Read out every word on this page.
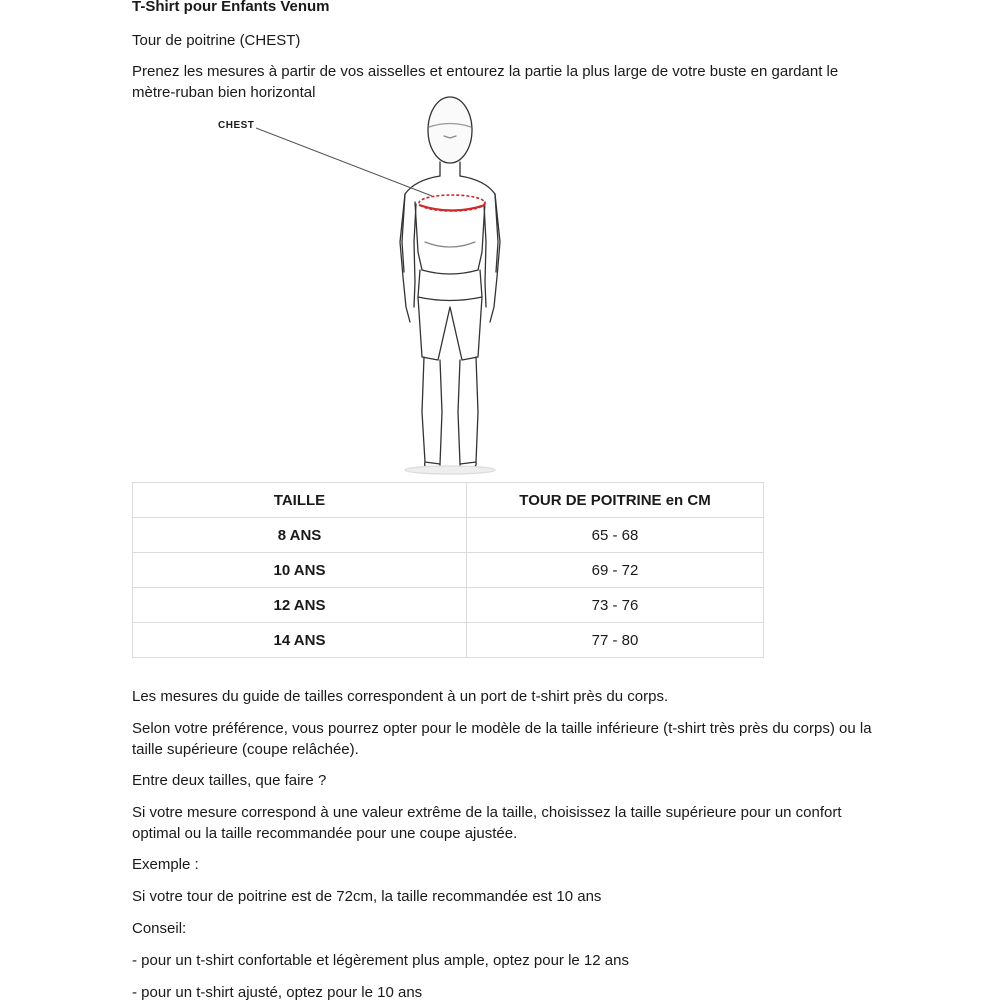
T-Shirt pour Enfants Venum

Tour de poitrine (CHEST)

Prenez les mesures à partir de vos aisselles et entourez la partie la plus large de votre buste en gardant le mètre-ruban bien horizontal

CHEST
TAILLE	TOUR DE POITRINE en CM
8 ANS	65 - 68
10 ANS	69 - 72
12 ANS	73 - 76
14 ANS	77 - 80

Les mesures du guide de tailles correspondent à un port de t-shirt près du corps.

Selon votre préférence, vous pourrez opter pour le modèle de la taille inférieure (t-shirt très près du corps) ou la taille supérieure (coupe relâchée).

Entre deux tailles, que faire ?

Si votre mesure correspond à une valeur extrême de la taille, choisissez la taille supérieure pour un confort optimal ou la taille recommandée pour une coupe ajustée.

Exemple :

Si votre tour de poitrine est de 72cm, la taille recommandée est 10 ans

Conseil:

- pour un t-shirt confortable et légèrement plus ample, optez pour le 12 ans

- pour un t-shirt ajusté, optez pour le 10 ans
